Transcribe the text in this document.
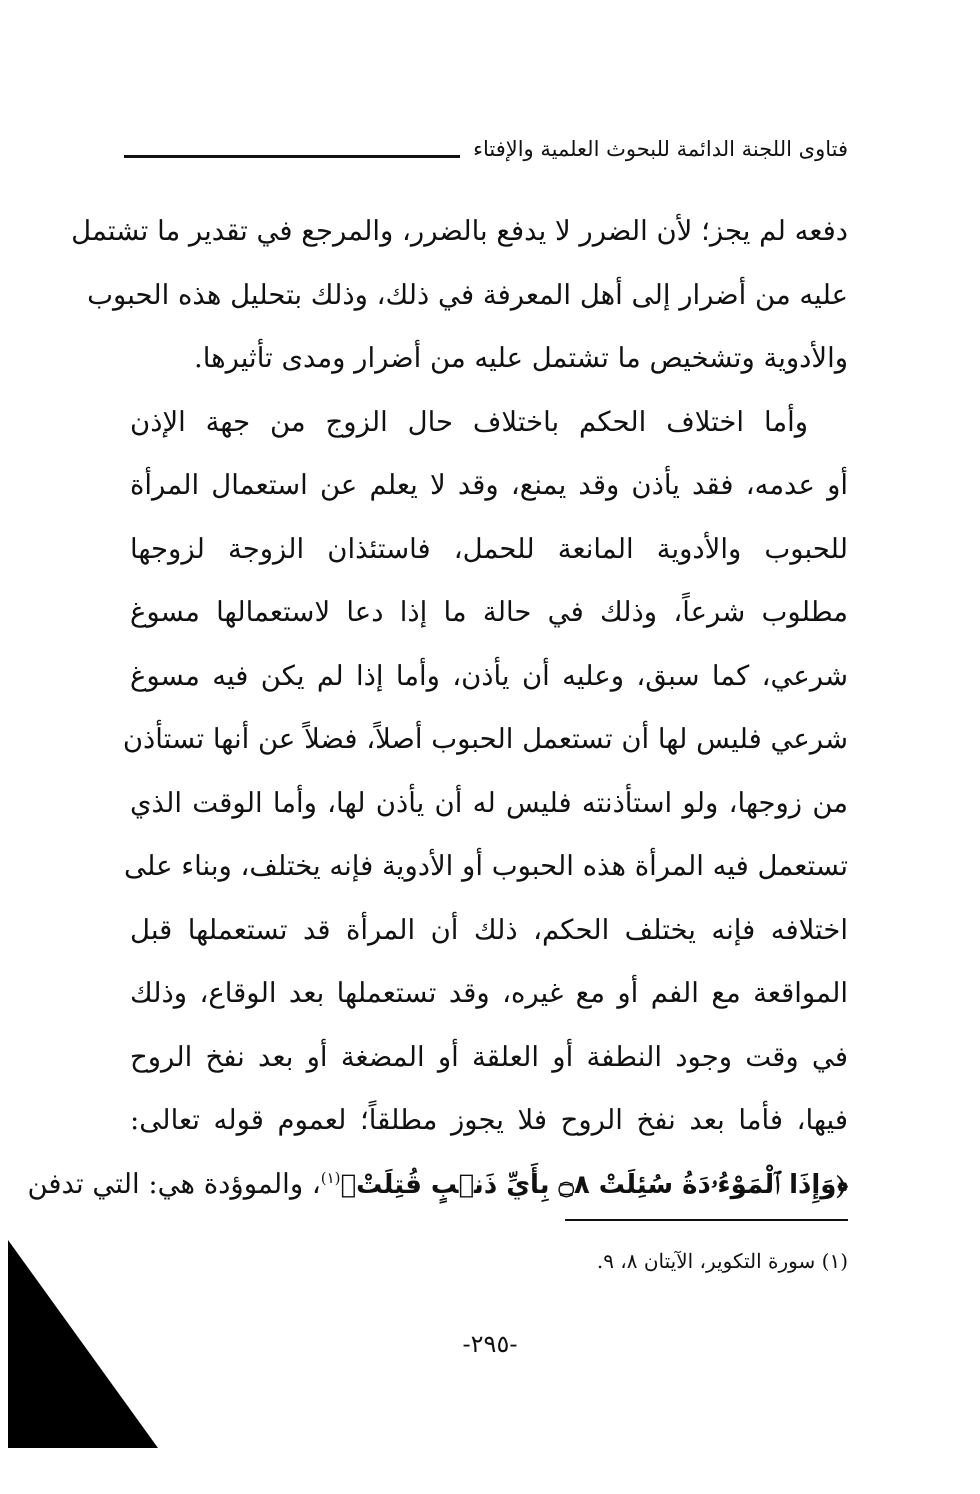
فتاوى اللجنة الدائمة للبحوث العلمية والإفتاء
دفعه لم يجز؛ لأن الضرر لا يدفع بالضرر، والمرجع في تقدير ما تشتمل
عليه من أضرار إلى أهل المعرفة في ذلك، وذلك بتحليل هذه الحبوب
والأدوية وتشخيص ما تشتمل عليه من أضرار ومدى تأثيرها.
وأما اختلاف الحكم باختلاف حال الزوج من جهة الإذن
أو عدمه، فقد يأذن وقد يمنع، وقد لا يعلم عن استعمال المرأة
للحبوب والأدوية المانعة للحمل، فاستئذان الزوجة لزوجها
مطلوب شرعاً، وذلك في حالة ما إذا دعا لاستعمالها مسوغ
شرعي، كما سبق، وعليه أن يأذن، وأما إذا لم يكن فيه مسوغ
شرعي فليس لها أن تستعمل الحبوب أصلاً، فضلاً عن أنها تستأذن
من زوجها، ولو استأذنته فليس له أن يأذن لها، وأما الوقت الذي
تستعمل فيه المرأة هذه الحبوب أو الأدوية فإنه يختلف، وبناء على
اختلافه فإنه يختلف الحكم، ذلك أن المرأة قد تستعملها قبل
المواقعة مع الفم أو مع غيره، وقد تستعملها بعد الوقاع، وذلك
في وقت وجود النطفة أو العلقة أو المضغة أو بعد نفخ الروح
فيها، فأما بعد نفخ الروح فلا يجوز مطلقاً؛ لعموم قوله تعالى:
﴿وَإِذَا ٱلْمَوْءُۥدَةُ سُئِلَتْ ۝٨ بِأَيِّ ذَنۢبٍ قُتِلَتْ﴾$^{(١)}$، والموؤدة هي: التي تدفن
(١) سورة التكوير، الآيتان ٨، ٩.
-٢٩٥-
